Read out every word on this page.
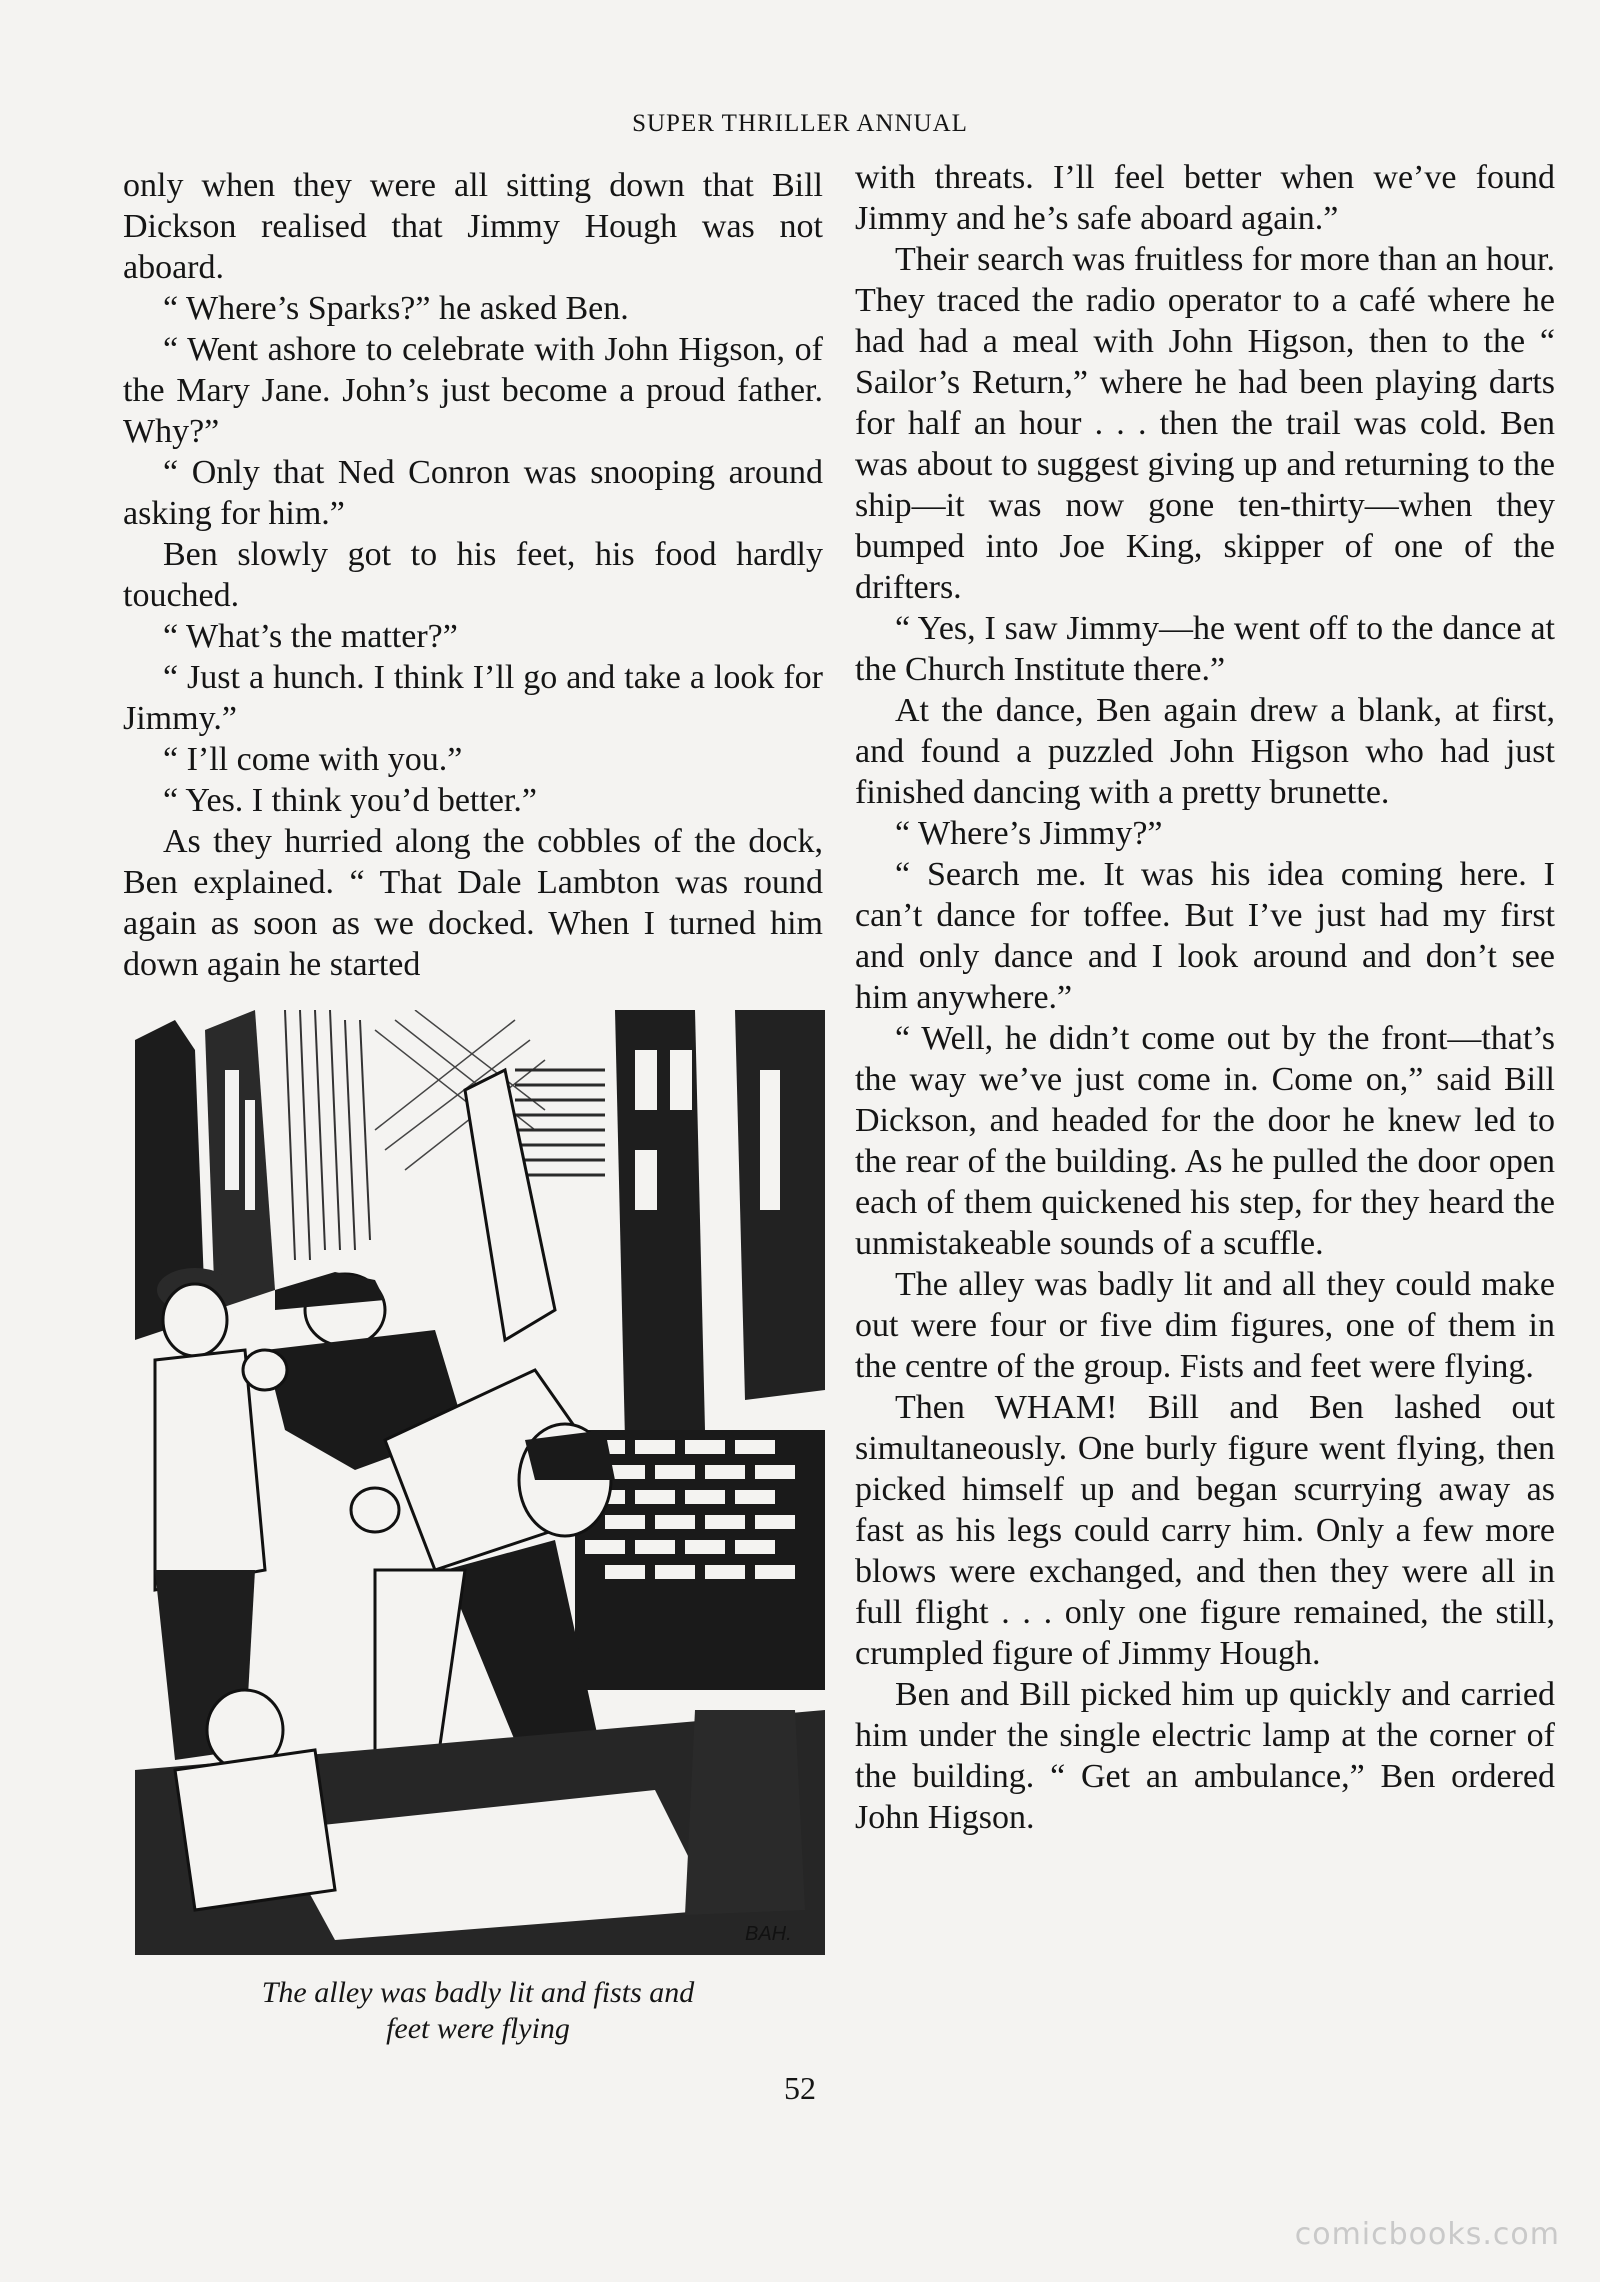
SUPER THRILLER ANNUAL

only when they were all sitting down that Bill Dickson realised that Jimmy Hough was not aboard.

“ Where’s Sparks?” he asked Ben.

“ Went ashore to celebrate with John Higson, of the Mary Jane. John’s just become a proud father. Why?”

“ Only that Ned Conron was snooping around asking for him.”

Ben slowly got to his feet, his food hardly touched.

“ What’s the matter?”

“ Just a hunch. I think I’ll go and take a look for Jimmy.”

“ I’ll come with you.”

“ Yes. I think you’d better.”

As they hurried along the cobbles of the dock, Ben explained. “ That Dale Lambton was round again as soon as we docked. When I turned him down again he started

with threats. I’ll feel better when we’ve found Jimmy and he’s safe aboard again.”

Their search was fruitless for more than an hour. They traced the radio operator to a café where he had had a meal with John Higson, then to the “ Sailor’s Return,” where he had been playing darts for half an hour . . . then the trail was cold. Ben was about to suggest giving up and returning to the ship—it was now gone ten-thirty—when they bumped into Joe King, skipper of one of the drifters.

“ Yes, I saw Jimmy—he went off to the dance at the Church Institute there.”

At the dance, Ben again drew a blank, at first, and found a puzzled John Higson who had just finished dancing with a pretty brunette.

“ Where’s Jimmy?”

“ Search me. It was his idea coming here. I can’t dance for toffee. But I’ve just had my first and only dance and I look around and don’t see him anywhere.”

“ Well, he didn’t come out by the front—that’s the way we’ve just come in. Come on,” said Bill Dickson, and headed for the door he knew led to the rear of the building. As he pulled the door open each of them quickened his step, for they heard the unmistakeable sounds of a scuffle.

The alley was badly lit and all they could make out were four or five dim figures, one of them in the centre of the group. Fists and feet were flying.

Then WHAM! Bill and Ben lashed out simultaneously. One burly figure went flying, then picked himself up and began scurrying away as fast as his legs could carry him. Only a few more blows were exchanged, and then they were all in full flight . . . only one figure remained, the still, crumpled figure of Jimmy Hough.

Ben and Bill picked him up quickly and carried him under the single electric lamp at the corner of the building. “ Get an ambulance,” Ben ordered John Higson.

BAH.
The alley was badly lit and fists and
feet were flying
52
comicbooks.com
